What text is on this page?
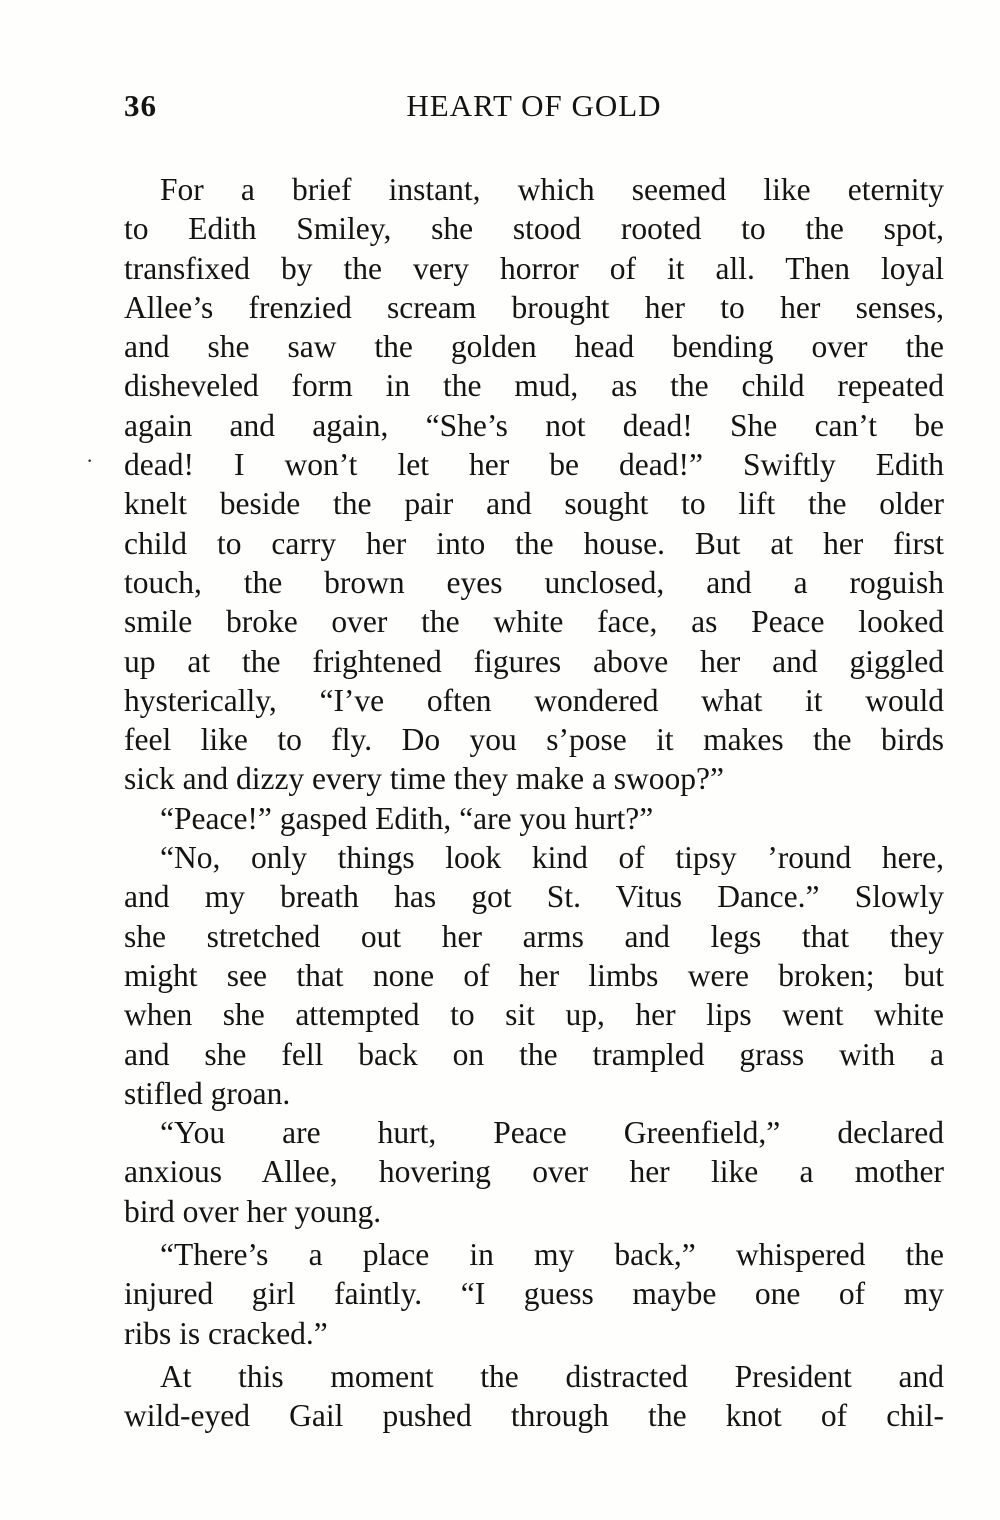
36	HEART OF GOLD
For a brief instant, which seemed like eternity
to Edith Smiley, she stood rooted to the spot,
transfixed by the very horror of it all. Then loyal
Allee’s frenzied scream brought her to her senses,
and she saw the golden head bending over the
disheveled form in the mud, as the child repeated
again and again, “She’s not dead! She can’t be
dead! I won’t let her be dead!” Swiftly Edith
knelt beside the pair and sought to lift the older
child to carry her into the house. But at her first
touch, the brown eyes unclosed, and a roguish
smile broke over the white face, as Peace looked
up at the frightened figures above her and giggled
hysterically, “I’ve often wondered what it would
feel like to fly. Do you s’pose it makes the birds
sick and dizzy every time they make a swoop?”
“Peace!” gasped Edith, “are you hurt?”
“No, only things look kind of tipsy ’round here,
and my breath has got St. Vitus Dance.” Slowly
she stretched out her arms and legs that they
might see that none of her limbs were broken; but
when she attempted to sit up, her lips went white
and she fell back on the trampled grass with a
stifled groan.
“You are hurt, Peace Greenfield,” declared
anxious Allee, hovering over her like a mother
bird over her young.
“There’s a place in my back,” whispered the
injured girl faintly. “I guess maybe one of my
ribs is cracked.”
At this moment the distracted President and
wild-eyed Gail pushed through the knot of chil-
·
